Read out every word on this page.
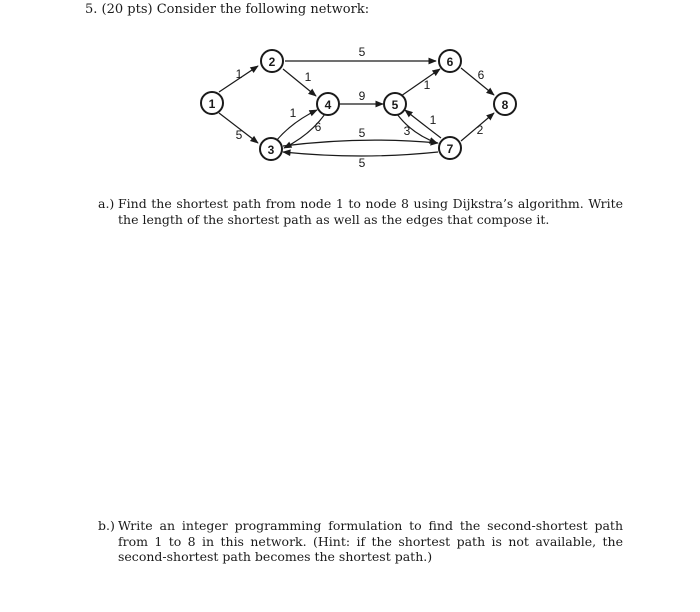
5. (20 pts) Consider the following network:
1
5
1
5
1
6
9
5
5
1
3
1
6
2
1
2
3
4	5
6
7
8
a.) Find the shortest path from node 1 to node 8 using Dijkstra’s algorithm. Write the length of the shortest path as well as the edges that compose it.
b.) Write an integer programming formulation to find the second-shortest path from 1 to 8 in this network. (Hint: if the shortest path is not available, the second-shortest path becomes the shortest path.)
